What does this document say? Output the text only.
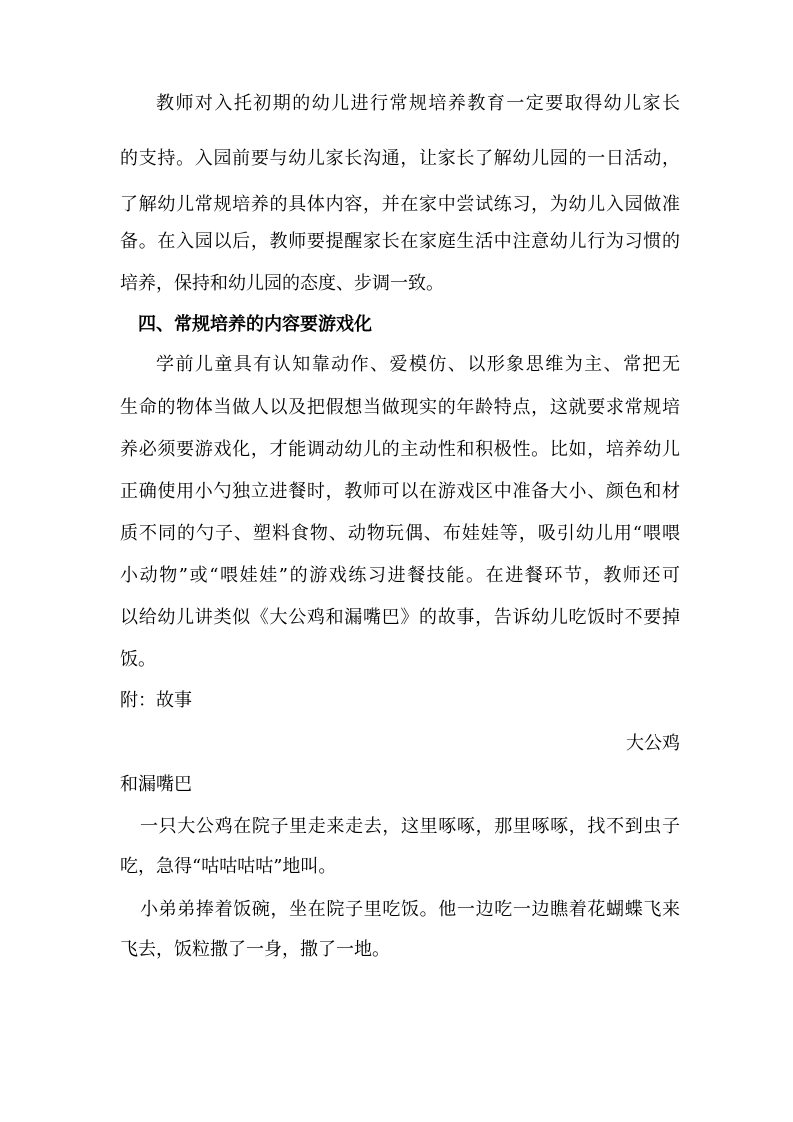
教师对入托初期的幼儿进行常规培养教育一定要取得幼儿家长
的支持。入园前要与幼儿家长沟通，让家长了解幼儿园的一日活动，
了解幼儿常规培养的具体内容，并在家中尝试练习，为幼儿入园做准
备。在入园以后，教师要提醒家长在家庭生活中注意幼儿行为习惯的
培养，保持和幼儿园的态度、步调一致。
四、常规培养的内容要游戏化
学前儿童具有认知靠动作、爱模仿、以形象思维为主、常把无
生命的物体当做人以及把假想当做现实的年龄特点，这就要求常规培
养必须要游戏化，才能调动幼儿的主动性和积极性。比如，培养幼儿
正确使用小勺独立进餐时，教师可以在游戏区中准备大小、颜色和材
质不同的勺子、塑料食物、动物玩偶、布娃娃等，吸引幼儿用“喂喂
小动物”或“喂娃娃”的游戏练习进餐技能。在进餐环节，教师还可
以给幼儿讲类似《大公鸡和漏嘴巴》的故事，告诉幼儿吃饭时不要掉
饭。
附：故事
大公鸡
和漏嘴巴
一只大公鸡在院子里走来走去，这里啄啄，那里啄啄，找不到虫子
吃，急得“咕咕咕咕”地叫。
小弟弟捧着饭碗，坐在院子里吃饭。他一边吃一边瞧着花蝴蝶飞来
飞去，饭粒撒了一身，撒了一地。
